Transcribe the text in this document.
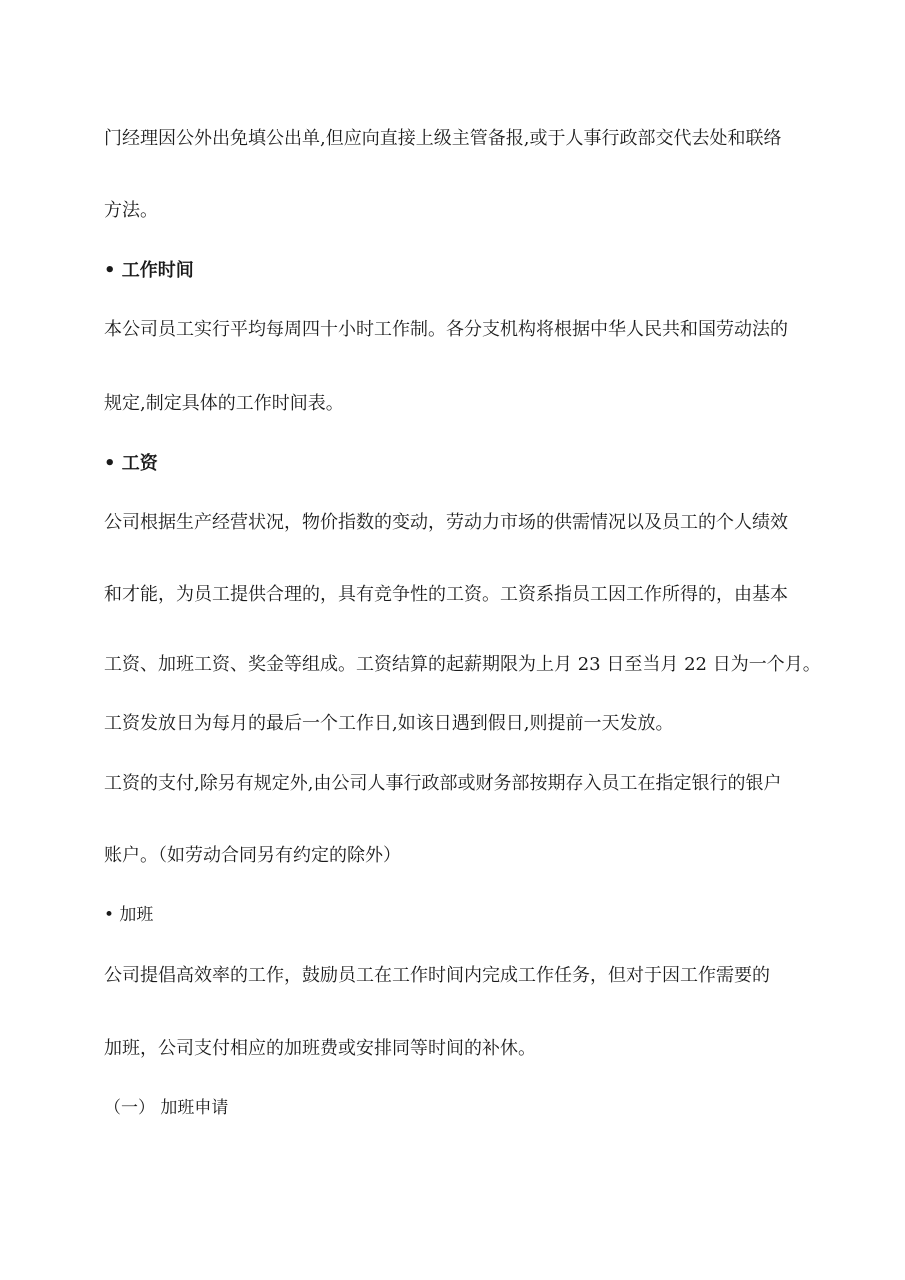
门经理因公外出免填公出单,但应向直接上级主管备报,或于人事行政部交代去处和联络

方法。

• 工作时间

本公司员工实行平均每周四十小时工作制。各分支机构将根据中华人民共和国劳动法的

规定,制定具体的工作时间表。

• 工资

公司根据生产经营状况，物价指数的变动，劳动力市场的供需情况以及员工的个人绩效

和才能，为员工提供合理的，具有竞争性的工资。工资系指员工因工作所得的，由基本

工资、加班工资、奖金等组成。工资结算的起薪期限为上月 23 日至当月 22 日为一个月。

工资发放日为每月的最后一个工作日,如该日遇到假日,则提前一天发放。

工资的支付,除另有规定外,由公司人事行政部或财务部按期存入员工在指定银行的银户

账户。（如劳动合同另有约定的除外）

• 加班

公司提倡高效率的工作，鼓励员工在工作时间内完成工作任务，但对于因工作需要的

加班，公司支付相应的加班费或安排同等时间的补休。

（一） 加班申请
